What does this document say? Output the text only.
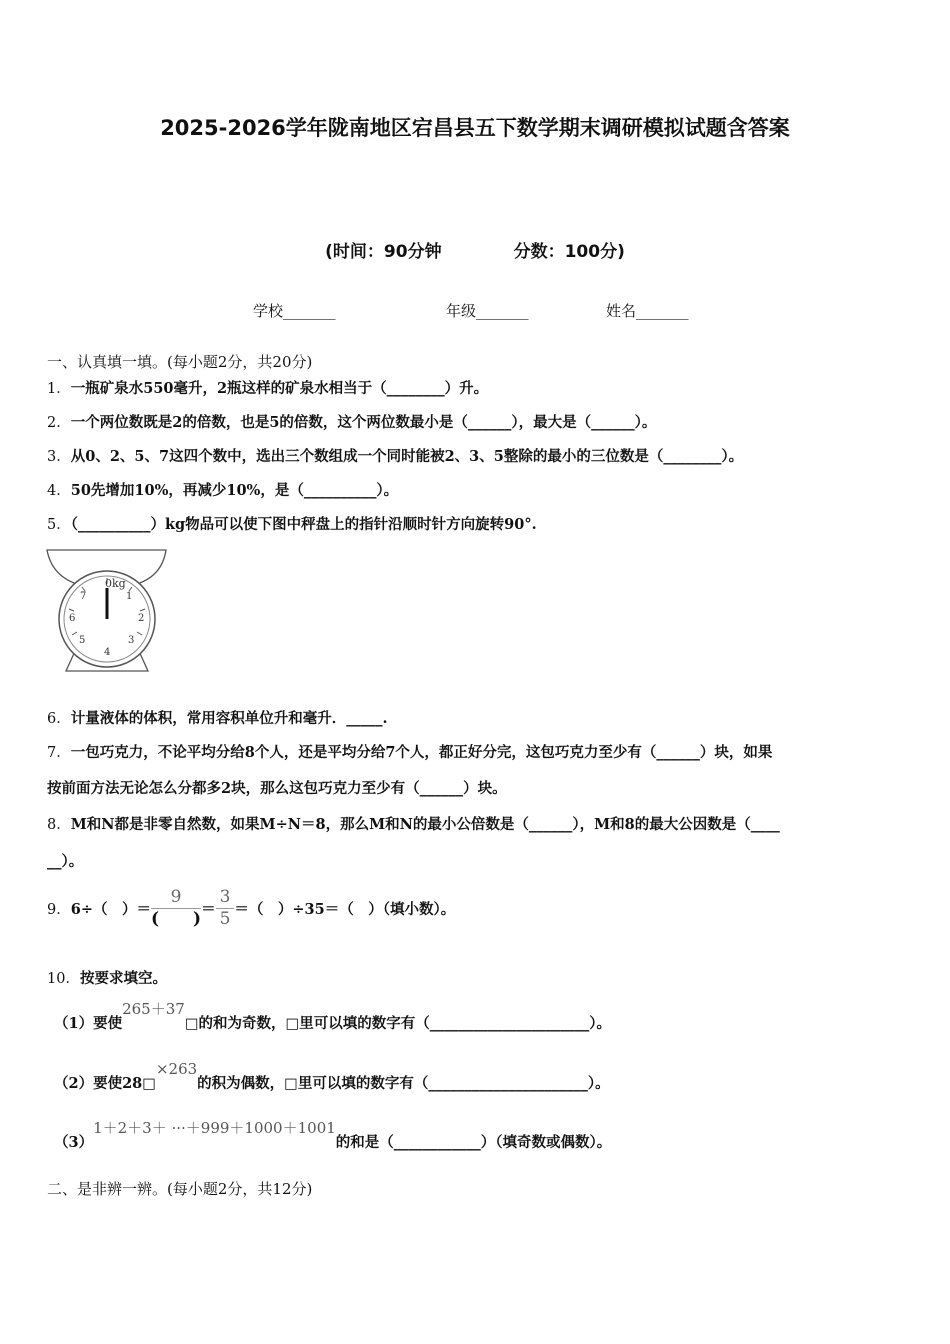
2025-2026学年陇南地区宕昌县五下数学期末调研模拟试题含答案
(时间：90分钟	分数：100分)
学校_______	年级_______	姓名_______
一、认真填一填。(每小题2分，共20分)
1．一瓶矿泉水550毫升，2瓶这样的矿泉水相当于（________）升。
2．一个两位数既是2的倍数，也是5的倍数，这个两位数最小是（______），最大是（______）。
3．从0、2、5、7这四个数中，选出三个数组成一个同时能被2、3、5整除的最小的三位数是（________）。
4．50先增加10%，再减少10%，是（__________）。
5．（__________）kg物品可以使下图中秤盘上的指针沿顺时针方向旋转90°.
0kg
1
2
3
4
5
6
7
6．计量液体的体积，常用容积单位升和毫升．_____.
7．一包巧克力，不论平均分给8个人，还是平均分给7个人，都正好分完，这包巧克力至少有（______）块，如果
按前面方法无论怎么分都多2块，那么这包巧克力至少有（______）块。
8．M和N都是非零自然数，如果M÷N＝8，那么M和N的最小公倍数是（______），M和8的最大公因数是（____
__）。
9． 6÷（　）＝ $\frac{9}{( )} = \frac{3}{5}$ ＝（　）÷35＝（　）（填小数）。
10．按要求填空。
（1）要使265＋37□的和为奇数，□里可以填的数字有（______________________）。
（2）要使28□×263的积为偶数，□里可以填的数字有（______________________）。
（3）1＋2＋3＋ ···＋999＋1000＋1001的和是（____________）（填奇数或偶数）。
二、是非辨一辨。(每小题2分，共12分)
